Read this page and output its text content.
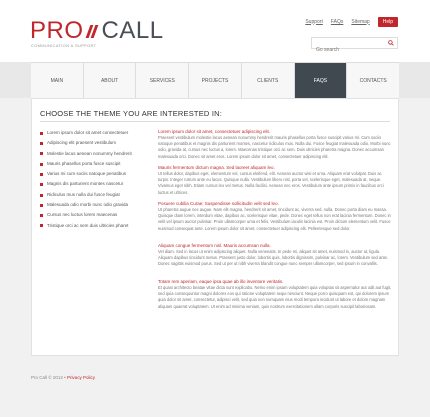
PRO CALL
COMMUNICATION & SUPPORT
Support FAQs Sitemap	Help
Go search
MAIN	ABOUT	SERVICES	PROJECTS	CLIENTS	FAQS	CONTACTS
CHOOSE THE THEME YOU ARE INTERESTED IN:
Lorem ipsum dolor sit amet consectetuer
Adipiscing elit praesent vestibulum
Molestie lacus aenean nonummy hendrerit
Mauris phasellus porta fusce suscipit
Varius mi cum sociis natoque penatibus
Magnis dis parturient montes nascetur
Ridiculus mus nulla dui fusce feugiat
Malesuada odio morbi nunc odio gravida
Cursus nec luctus lorem maecenas
Tristique orci ac sem duis ultricies pharet
Lorem ipsum dolor sit amet, consectetuer adipiscing elit.
Praesent vestibulum molestie lacus aenean nonummy hendrerit mauris phasellus porta fusce suscipit varius mi. Cum sociis natoque penatibus et magnis dis parturient montes, nascetur ridiculus mus. Nulla dui. Fusce feugiat malesuada odio. Morbi nunc odio, gravida at, cursus nec luctus a, lorem. Maecenas tristique orci ac sem. Duis ultricies pharetra magna. Donec accumsan malesuada orci. Donec sit amet eros. Lorem ipsum dolor sit amet, consectetuer adipiscing elit.
Mauris fermentum dictum magna. Sed laoreet aliquam leo.
Ut tellus dolor, dapibus eget, elementum vel, cursus eleifend, elit. Aenean auctor wisi et urna. Aliquam erat volutpat. Duis ac turpis. Integer rutrum ante eu lacus. Quisque nulla. Vestibulum libero nisl, porta vel, scelerisque eget, malesuada at, neque. Vivamus eget nibh. Etiam cursus leo vel metus. Nulla facilisi. Aenean nec eros. Vestibulum ante ipsum primis in faucibus orci luctus et ultrices.
Posuere cubilia Curae; Suspendisse sollicitudin velit sed leo.
Ut pharetra augue nec augue. Nam elit magna, hendrerit sit amet, tincidunt ac, viverra sed, nulla. Donec porta diam eu massa. Quisque diam lorem, interdum vitae, dapibus ac, scelerisque vitae, pede. Donec eget tellus non erat lacinia fermentum. Donec in velit vel ipsum auctor pulvinar. Proin ullamcorper urna et felis. Vestibulum iaculis lacinia est. Proin dictum elementum velit. Fusce euismod consequat ante. Lorem ipsum dolor sit amet, consectetuer adipiscing elit. Pellentesque sed dolor.
Aliquam congue fermentum nisl. Mauris accumsan nulla.
Vel diam. Sed in lacus ut enim adipiscing aliquet. Nulla venenatis. In pede mi, aliquet sit amet, euismod in, auctor ut, ligula. Aliquam dapibus tincidunt metus. Praesent justo dolor, lobortis quis, lobortis dignissim, pulvinar ac, lorem. Vestibulum sed ante. Donec sagittis euismod purus. Sed ut per ut nibh viverra blandit congue nunc semper ullamcorper, sed ipsum in convallis.
Totam rem aperiam, eaque ipsa quae ab illo inventore veritatis.
Et quasi architecto beatae vitae dicta sunt explicabo. Nemo enim ipsam voluptatem quia voluptas sit aspernatur aut odit aut fugit, sed quia consequuntur magni dolores eos qui ratione voluptatem sequi nesciunt. Neque porro quisquam est, qui dolorem ipsum quia dolor sit amet, consectetur, adipisci velit, sed quia non numquam eius modi tempora incidunt ut labore et dolore magnam aliquam quaerat voluptatem. Ut enim ad minima veniam, quis nostrum exercitationem ullam corporis suscipit laboriosam.
Pro Call © 2012 • Privacy Policy
